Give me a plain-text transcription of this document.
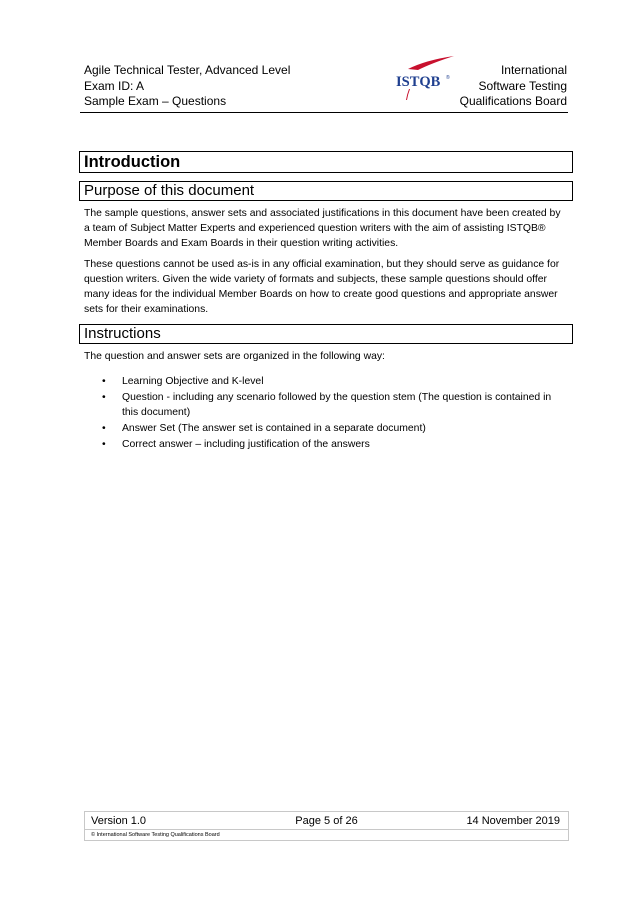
Agile Technical Tester, Advanced Level
Exam ID: A
Sample Exam – Questions
ISTQB ®
International
Software Testing
Qualifications Board
Introduction
Purpose of this document
The sample questions, answer sets and associated justifications in this document have been created by a team of Subject Matter Experts and experienced question writers with the aim of assisting ISTQB® Member Boards and Exam Boards in their question writing activities.
These questions cannot be used as-is in any official examination, but they should serve as guidance for question writers. Given the wide variety of formats and subjects, these sample questions should offer many ideas for the individual Member Boards on how to create good questions and appropriate answer sets for their examinations.
Instructions
The question and answer sets are organized in the following way:
• Learning Objective and K-level
• Question - including any scenario followed by the question stem (The question is contained in this document)
• Answer Set (The answer set is contained in a separate document)
• Correct answer – including justification of the answers
Version 1.0	Page 5 of 26	14 November 2019
© International Software Testing Qualifications Board
